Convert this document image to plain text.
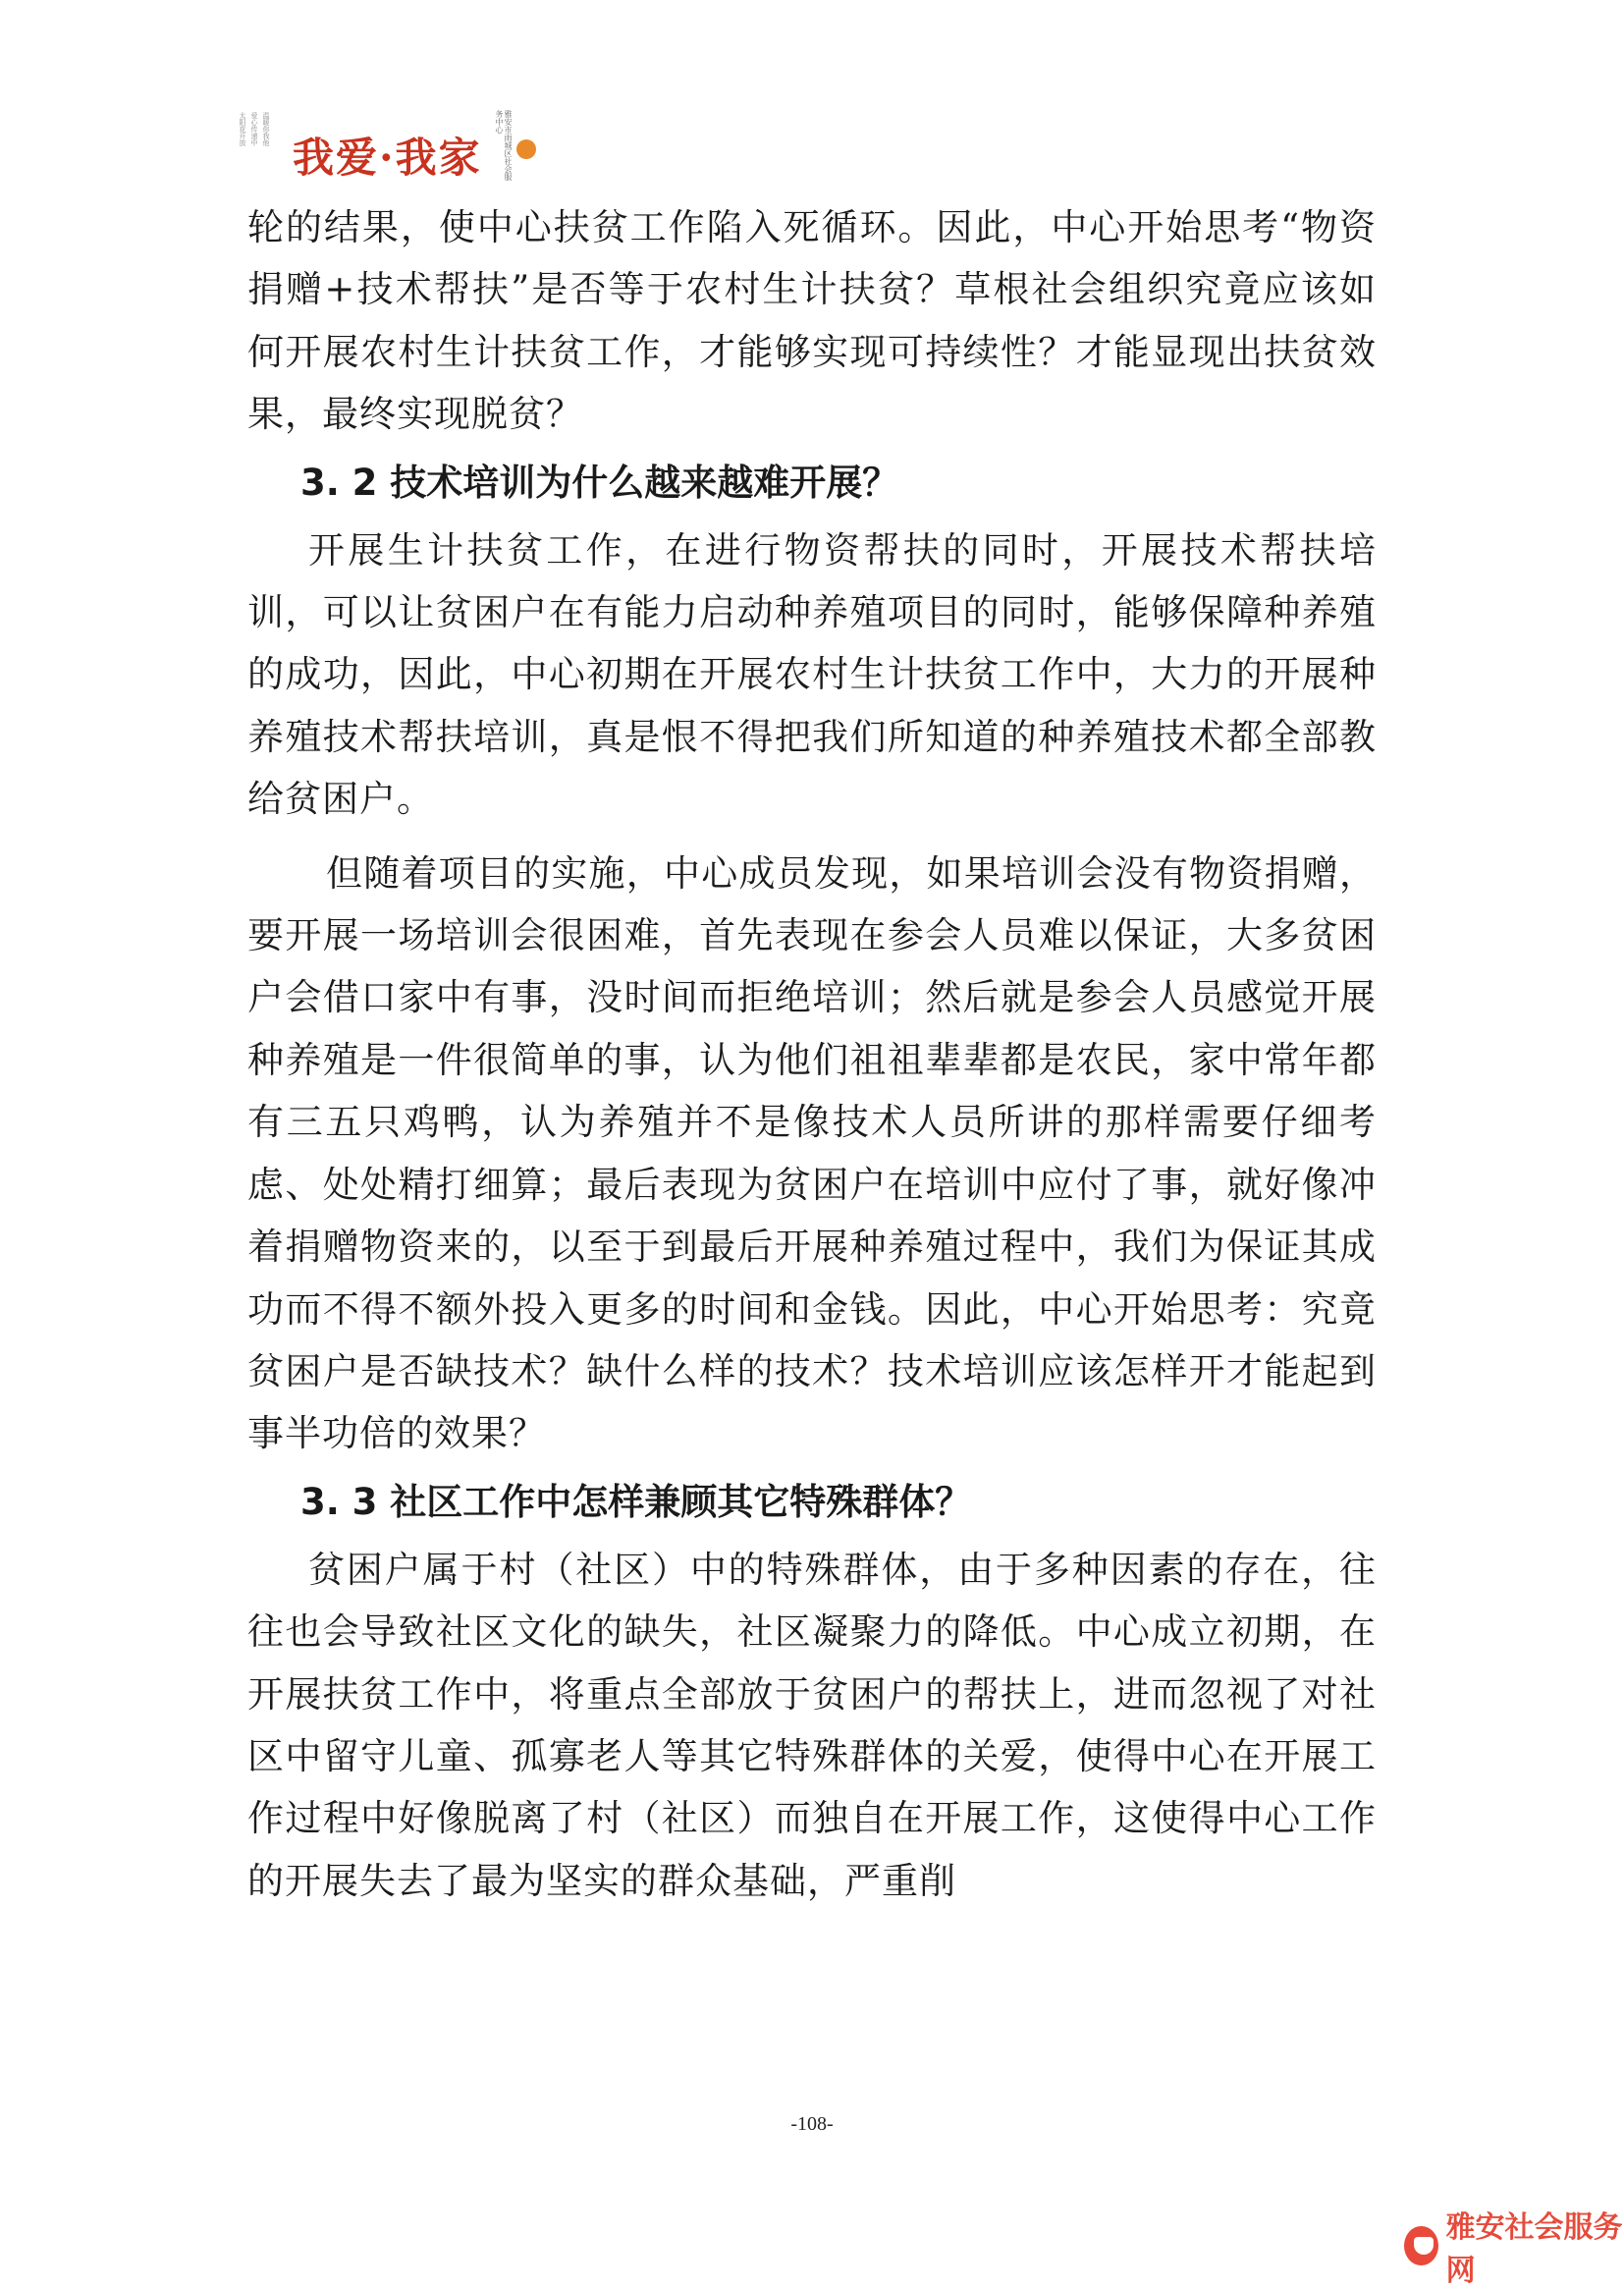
太阳花开放 爱心传递中 温暖你我他
我爱·我家	雅安市雨城区社会服务中心

轮的结果，使中心扶贫工作陷入死循环。因此，中心开始思考“物资捐赠+技术帮扶”是否等于农村生计扶贫？草根社会组织究竟应该如何开展农村生计扶贫工作，才能够实现可持续性？才能显现出扶贫效果，最终实现脱贫？

3. 2 技术培训为什么越来越难开展？

开展生计扶贫工作，在进行物资帮扶的同时，开展技术帮扶培训，可以让贫困户在有能力启动种养殖项目的同时，能够保障种养殖的成功，因此，中心初期在开展农村生计扶贫工作中，大力的开展种养殖技术帮扶培训，真是恨不得把我们所知道的种养殖技术都全部教给贫困户。

但随着项目的实施，中心成员发现，如果培训会没有物资捐赠，要开展一场培训会很困难，首先表现在参会人员难以保证，大多贫困户会借口家中有事，没时间而拒绝培训；然后就是参会人员感觉开展种养殖是一件很简单的事，认为他们祖祖辈辈都是农民，家中常年都有三五只鸡鸭，认为养殖并不是像技术人员所讲的那样需要仔细考虑、处处精打细算；最后表现为贫困户在培训中应付了事，就好像冲着捐赠物资来的，以至于到最后开展种养殖过程中，我们为保证其成功而不得不额外投入更多的时间和金钱。因此，中心开始思考：究竟贫困户是否缺技术？缺什么样的技术？技术培训应该怎样开才能起到事半功倍的效果？

3. 3 社区工作中怎样兼顾其它特殊群体？

贫困户属于村（社区）中的特殊群体，由于多种因素的存在，往往也会导致社区文化的缺失，社区凝聚力的降低。中心成立初期，在开展扶贫工作中，将重点全部放于贫困户的帮扶上，进而忽视了对社区中留守儿童、孤寡老人等其它特殊群体的关爱，使得中心在开展工作过程中好像脱离了村（社区）而独自在开展工作，这使得中心工作的开展失去了最为坚实的群众基础，严重削

-108-
雅安社会服务网
